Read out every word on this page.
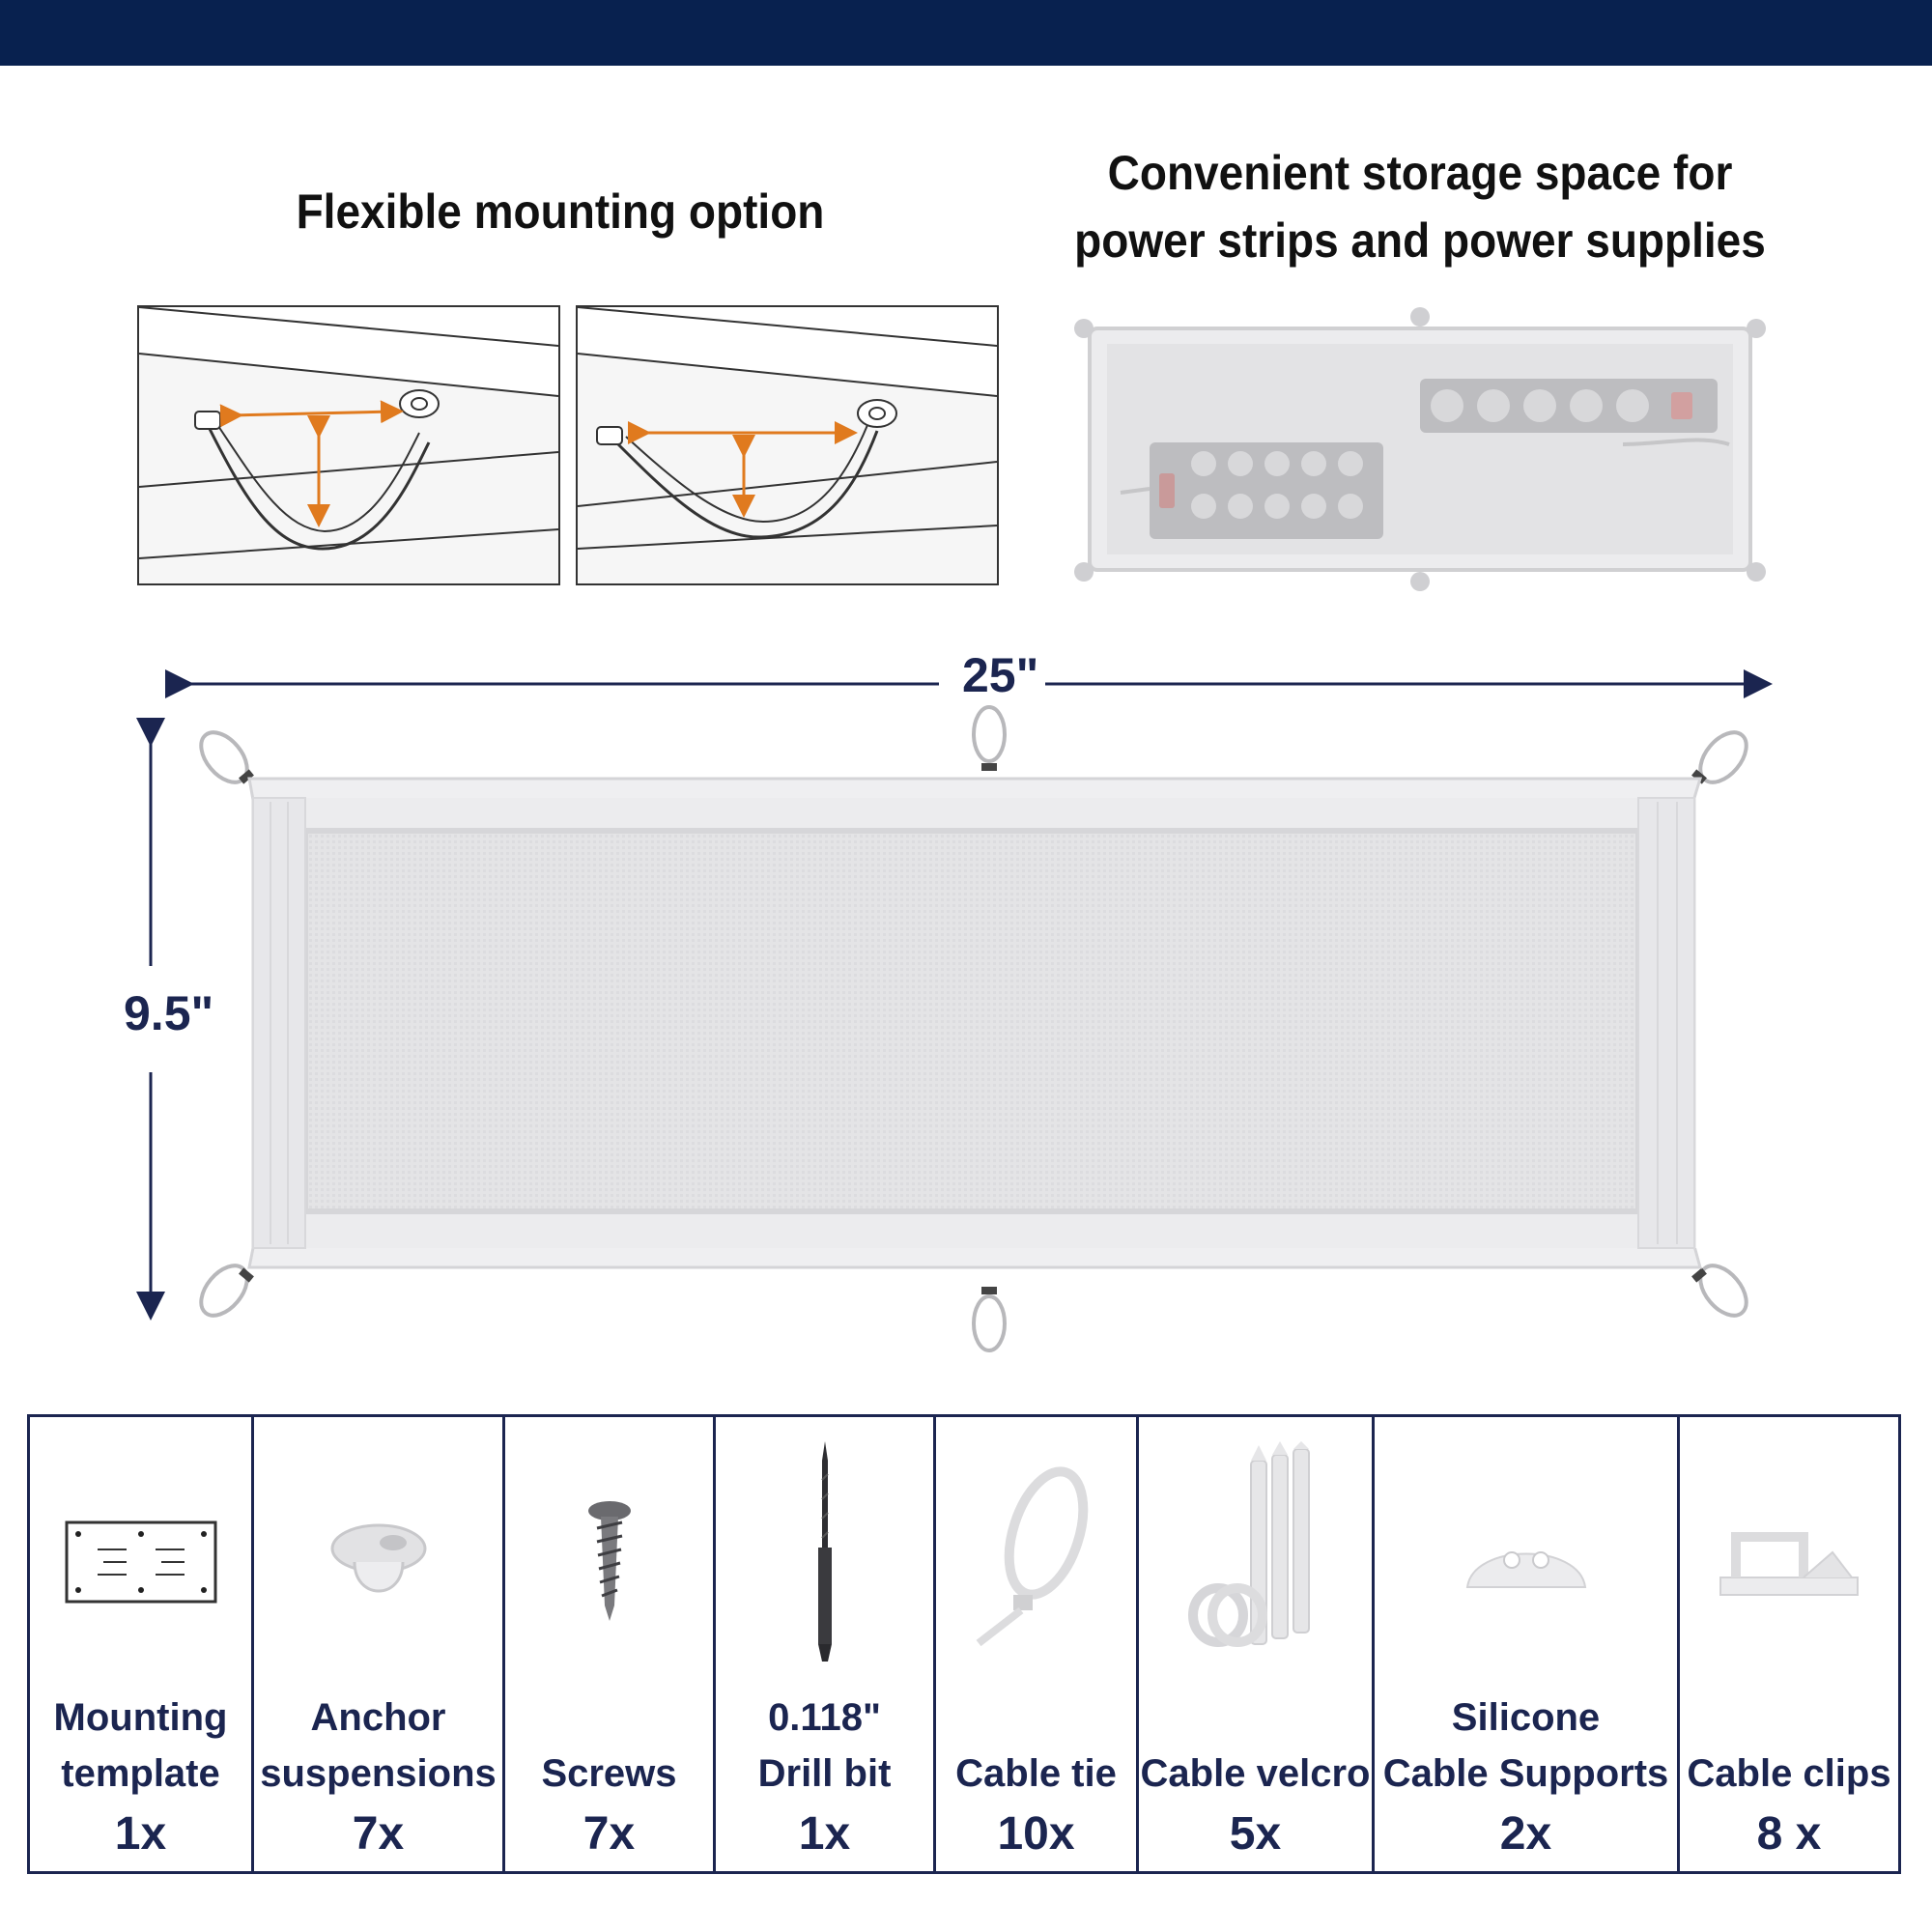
Flexible mounting option
Convenient storage space for
power strips and power supplies
25"
9.5"
Mounting
template
1x
Anchor
suspensions
7x
Screws
7x
0.118"
Drill bit
1x
Cable tie
10x
Cable velcro
5x
Silicone
Cable Supports
2x
Cable clips
8 x
